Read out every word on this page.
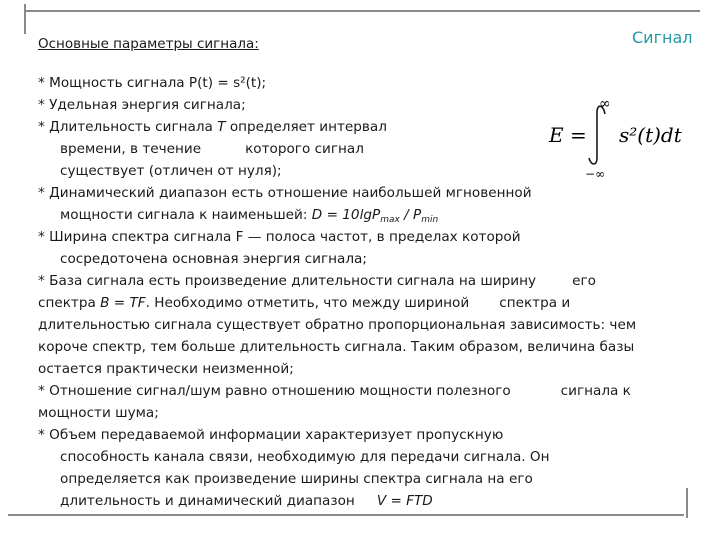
Сигнал
Основные параметры сигнала:
* Мощность сигнала P(t) = s²(t);
* Удельная энергия сигнала;
* Длительность сигнала T определяет интервал
времени, в течение	которого сигнал
существует (отличен от нуля);
* Динамический диапазон есть отношение наибольшей мгновенной
мощности сигнала к наименьшей: $D = 10\lg P_{max} / P_{min}$
* Ширина спектра сигнала F — полоса частот, в пределах которой
сосредоточена основная энергия сигнала;
* База сигнала есть произведение длительности сигнала на ширину	его
спектра B = TF. Необходимо отметить, что между шириной спектра и
длительностью сигнала существует обратно пропорциональная зависимость: чем
короче спектр, тем больше длительность сигнала. Таким образом, величина базы
остается практически неизменной;
* Отношение сигнал/шум равно отношению мощности полезного	сигнала к
мощности шума;
* Объем передаваемой информации характеризует пропускную
способность канала связи, необходимую для передачи сигнала. Он
определяется как произведение ширины спектра сигнала на его
длительность и динамический диапазон V = FTD
E =
∞
−∞
s²(t)dt
